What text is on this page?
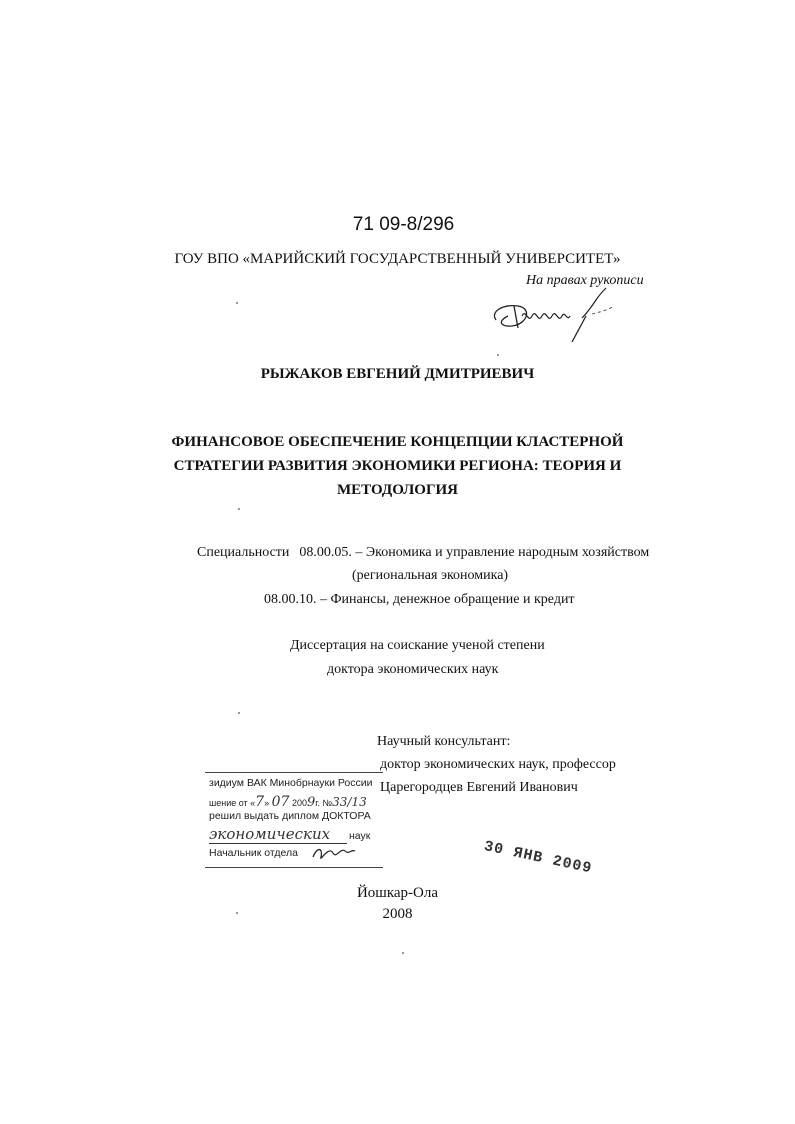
71 09-8/296
ГОУ ВПО «МАРИЙСКИЙ ГОСУДАРСТВЕННЫЙ УНИВЕРСИТЕТ»
На правах рукописи
РЫЖАКОВ ЕВГЕНИЙ ДМИТРИЕВИЧ
ФИНАНСОВОЕ ОБЕСПЕЧЕНИЕ КОНЦЕПЦИИ КЛАСТЕРНОЙ
СТРАТЕГИИ РАЗВИТИЯ ЭКОНОМИКИ РЕГИОНА: ТЕОРИЯ И
МЕТОДОЛОГИЯ
Специальности 08.00.05. – Экономика и управление народным хозяйством
(региональная экономика)
08.00.10. – Финансы, денежное обращение и кредит
Диссертация на соискание ученой степени
доктора экономических наук
Научный консультант:
доктор экономических наук, профессор
Царегородцев Евгений Иванович
зидиум ВАК Минобрнауки России
шение от «7» 07 2009г. №33/13
решил выдать диплом ДОКТОРА
экономических наук
Начальник отдела	30 ЯНВ 2009
Йошкар-Ола
2008
